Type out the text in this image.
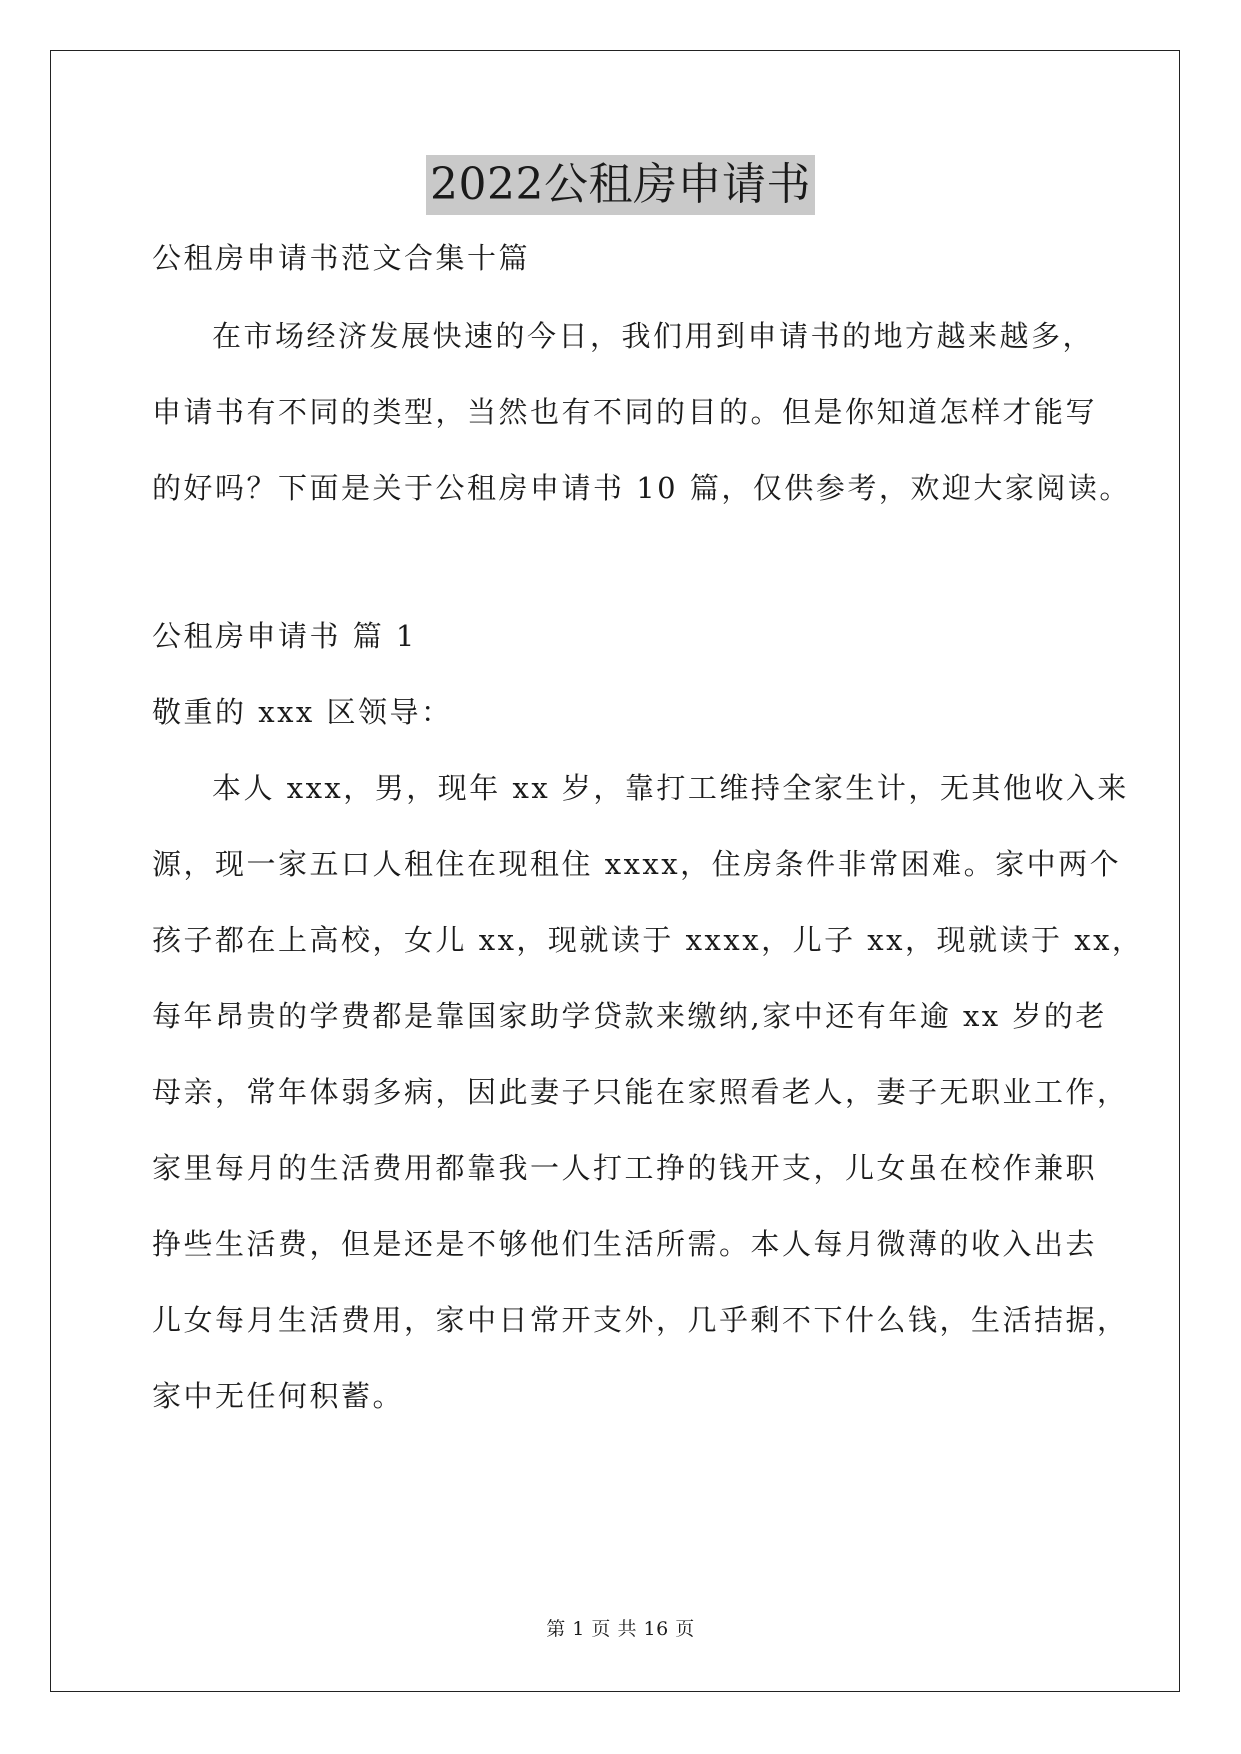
2022公租房申请书
公租房申请书范文合集十篇
在市场经济发展快速的今日，我们用到申请书的地方越来越多，
申请书有不同的类型，当然也有不同的目的。但是你知道怎样才能写
的好吗？下面是关于公租房申请书 10 篇，仅供参考，欢迎大家阅读。
公租房申请书 篇 1
敬重的 xxx 区领导：
本人 xxx，男，现年 xx 岁，靠打工维持全家生计，无其他收入来
源，现一家五口人租住在现租住 xxxx，住房条件非常困难。家中两个
孩子都在上高校，女儿 xx，现就读于 xxxx，儿子 xx，现就读于 xx，
每年昂贵的学费都是靠国家助学贷款来缴纳,家中还有年逾 xx 岁的老
母亲，常年体弱多病，因此妻子只能在家照看老人，妻子无职业工作，
家里每月的生活费用都靠我一人打工挣的钱开支，儿女虽在校作兼职
挣些生活费，但是还是不够他们生活所需。本人每月微薄的收入出去
儿女每月生活费用，家中日常开支外，几乎剩不下什么钱，生活拮据，
家中无任何积蓄。
第 1 页 共 16 页
